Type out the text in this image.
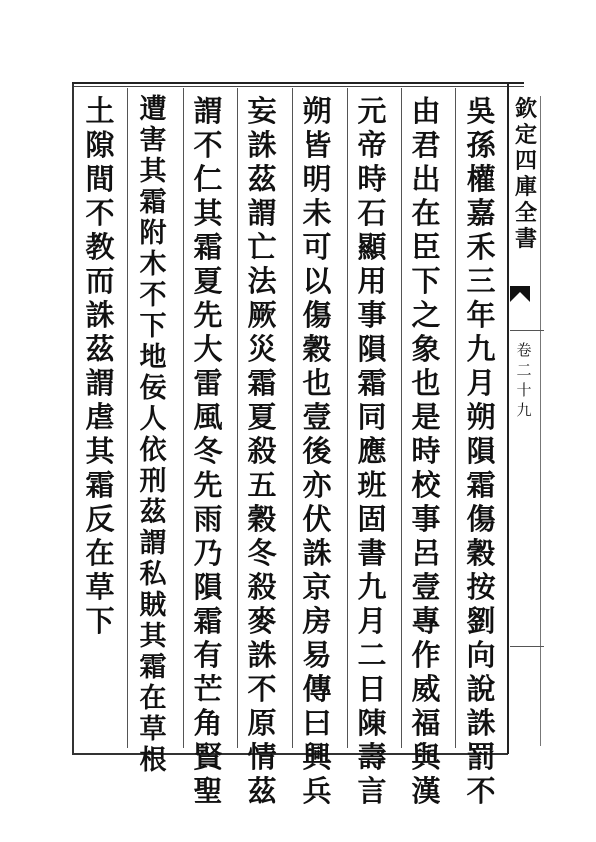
欽
定
四
庫
全
書
卷
二
十
九
吳
孫
權
嘉
禾
三
年
九
月
朔
隕
霜
傷
穀
按
劉
向
說
誅
罰
不
由
君
出
在
臣
下
之
象
也
是
時
校
事
呂
壹
專
作
威
福
與
漢
元
帝
時
石
顯
用
事
隕
霜
同
應
班
固
書
九
月
二
日
陳
壽
言
朔
皆
明
未
可
以
傷
穀
也
壹
後
亦
伏
誅
京
房
易
傳
曰
興
兵
妄
誅
茲
謂
亡
法
厥
災
霜
夏
殺
五
穀
冬
殺
麥
誅
不
原
情
茲
謂
不
仁
其
霜
夏
先
大
雷
風
冬
先
雨
乃
隕
霜
有
芒
角
賢
聖
遭
害
其
霜
附
木
不
下
地
佞
人
依
刑
茲
謂
私
賊
其
霜
在
草
根
土
隙
間
不
教
而
誅
茲
謂
虐
其
霜
反
在
草
下
